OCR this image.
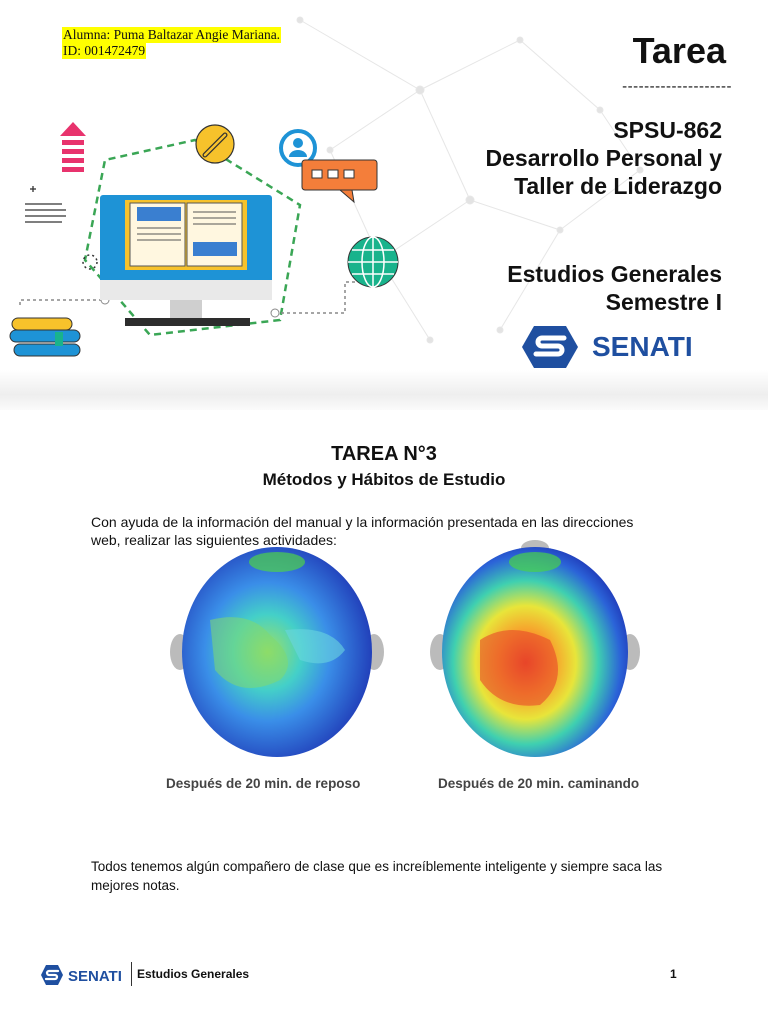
Alumna: Puma Baltazar Angie Mariana.
ID: 001472479	Tarea
--------------------
SPSU-862
Desarrollo Personal y
Taller de Liderazgo
Estudios Generales
Semestre I
SENATI
TAREA N°3
Métodos y Hábitos de Estudio
Con ayuda de la información del manual y la información presentada en las direcciones web, realizar las siguientes actividades:
Después de 20 min. de reposo	Después de 20 min. caminando
Todos tenemos algún compañero de clase que es increíblemente inteligente y siempre saca las mejores notas.
SENATI Estudios Generales	1
